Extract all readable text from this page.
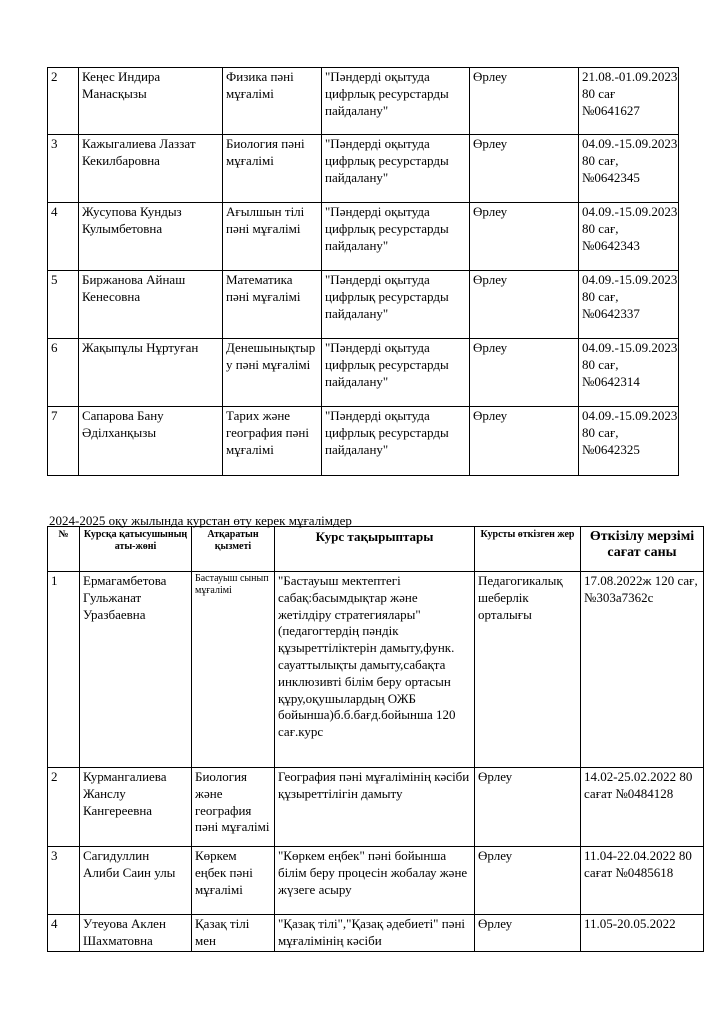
2	Кеңес Индира Манасқызы	Физика пәні мұғалімі	"Пәндерді оқытуда цифрлық ресурстарды пайдалану"	Өрлеу	21.08.-01.09.2023 80 сағ №0641627
3	Кажыгалиева Лаззат Кекилбаровна	Биология пәні мұғалімі	"Пәндерді оқытуда цифрлық ресурстарды пайдалану"	Өрлеу	04.09.-15.09.2023 80 сағ,№0642345
4	Жусупова Кундыз Кулымбетовна	Ағылшын тілі пәні мұғалімі	"Пәндерді оқытуда цифрлық ресурстарды пайдалану"	Өрлеу	04.09.-15.09.2023 80 сағ,№0642343
5	Биржанова Айнаш Кенесовна	Математика пәні мұғалімі	"Пәндерді оқытуда цифрлық ресурстарды пайдалану"	Өрлеу	04.09.-15.09.2023 80 сағ,№0642337
6	Жақыпұлы Нұртуған	Денешынықтыру пәні мұғалімі	"Пәндерді оқытуда цифрлық ресурстарды пайдалану"	Өрлеу	04.09.-15.09.2023 80 сағ,№0642314
7	Сапарова Бану Әділханқызы	Тарих және география пәні мұғалімі	"Пәндерді оқытуда цифрлық ресурстарды пайдалану"	Өрлеу	04.09.-15.09.2023 80 сағ,№0642325
2024-2025 оқу жылында курстан өту керек мұғалімдер
№	Курсқа қатысушының аты-жөні	Атқаратын қызметі	Курс тақырыптары	Курсты өткізген жер	Өткізілу мерзімі сағат саны
1	Ермагамбетова Гульжанат Уразбаевна	Бастауыш сынып мұғалімі	"Бастауыш мектептегі сабақ:басымдықтар және жетілдіру стратегиялары"(педагогтердің пәндік құзыреттіліктерін дамыту,функ. сауаттылықты дамыту,сабақта инклюзивті білім беру ортасын құру,оқушылардың ОЖБ бойынша)б.б.бағд.бойынша 120 сағ.курс	Педагогикалық шеберлік орталығы	17.08.2022ж 120 сағ, №303а7362с
2	Курмангалиева Жанслу Кангереевна	Биология және география пәні мұғалімі	География пәні мұғалімінің кәсіби құзыреттілігін дамыту	Өрлеу	14.02-25.02.2022 80 сағат №0484128
3	Сагидуллин Алиби Саин улы	Көркем еңбек пәні мұғалімі	"Көркем еңбек" пәні бойынша білім беру процесін жобалау және жүзеге асыру	Өрлеу	11.04-22.04.2022 80 сағат №0485618
4	Утеуова Аклен Шахматовна	Қазақ тілі мен	"Қазақ тілі","Қазақ әдебиеті" пәні мұғалімінің кәсіби	Өрлеу	11.05-20.05.2022
